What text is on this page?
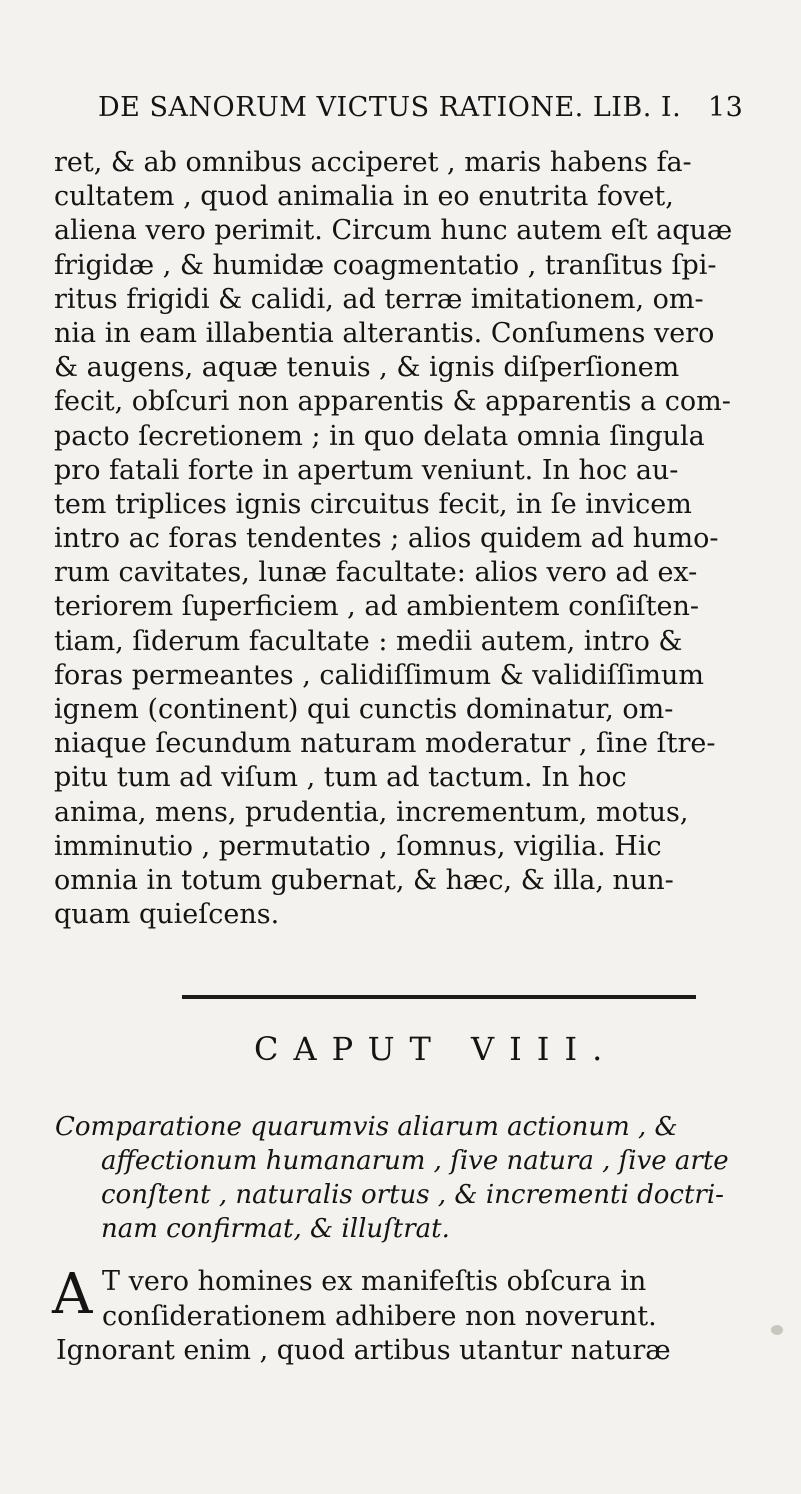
DE SANORUM VICTUS RATIONE. LIB. I. 13
ret, & ab omnibus acciperet , maris habens fa-
cultatem , quod animalia in eo enutrita fovet,
aliena vero perimit. Circum hunc autem eſt aquæ
frigidæ , & humidæ coagmentatio , tranſitus ſpi-
ritus frigidi & calidi, ad terræ imitationem, om-
nia in eam illabentia alterantis. Conſumens vero
& augens, aquæ tenuis , & ignis diſperſionem
fecit, obſcuri non apparentis & apparentis a com-
pacto ſecretionem ; in quo delata omnia ſingula
pro fatali forte in apertum veniunt. In hoc au-
tem triplices ignis circuitus fecit, in ſe invicem
intro ac foras tendentes ; alios quidem ad humo-
rum cavitates, lunæ facultate: alios vero ad ex-
teriorem ſuperficiem , ad ambientem conſiſten-
tiam, ſiderum facultate : medii autem, intro &
foras permeantes , calidiſſimum & validiſſimum
ignem (continent) qui cunctis dominatur, om-
niaque ſecundum naturam moderatur , ſine ſtre-
pitu tum ad viſum , tum ad tactum. In hoc
anima, mens, prudentia, incrementum, motus,
imminutio , permutatio , ſomnus, vigilia. Hic
omnia in totum gubernat, & hæc, & illa, nun-
quam quieſcens.
CAPUT VIII.
Comparatione quarumvis aliarum actionum , &
affectionum humanarum , ſive natura , ſive arte
conſtent , naturalis ortus , & incrementi doctri-
nam confirmat, & illuſtrat.
A T vero homines ex manifeſtis obſcura in
conſiderationem adhibere non noverunt.
Ignorant enim , quod artibus utantur naturæ
